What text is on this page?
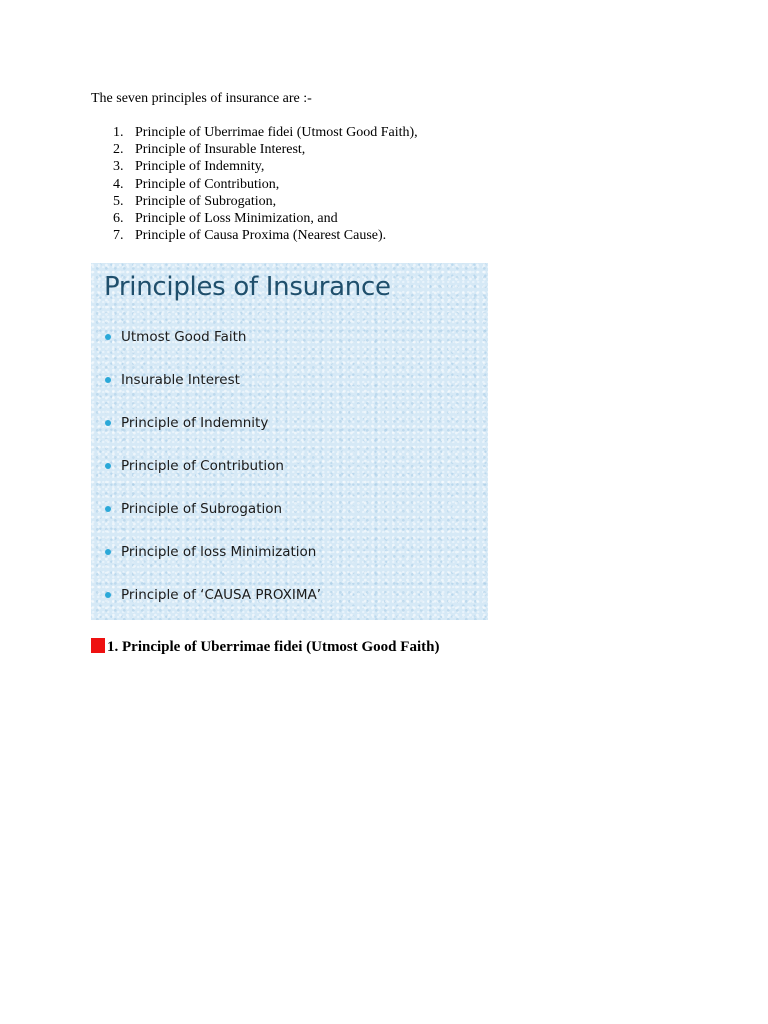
The seven principles of insurance are :-

1. Principle of Uberrimae fidei (Utmost Good Faith),
2. Principle of Insurable Interest,
3. Principle of Indemnity,
4. Principle of Contribution,
5. Principle of Subrogation,
6. Principle of Loss Minimization, and
7. Principle of Causa Proxima (Nearest Cause).
Principles of Insurance
Utmost Good Faith
Insurable Interest
Principle of Indemnity
Principle of Contribution
Principle of Subrogation
Principle of loss Minimization
Principle of ‘CAUSA PROXIMA’
1. Principle of Uberrimae fidei (Utmost Good Faith)
